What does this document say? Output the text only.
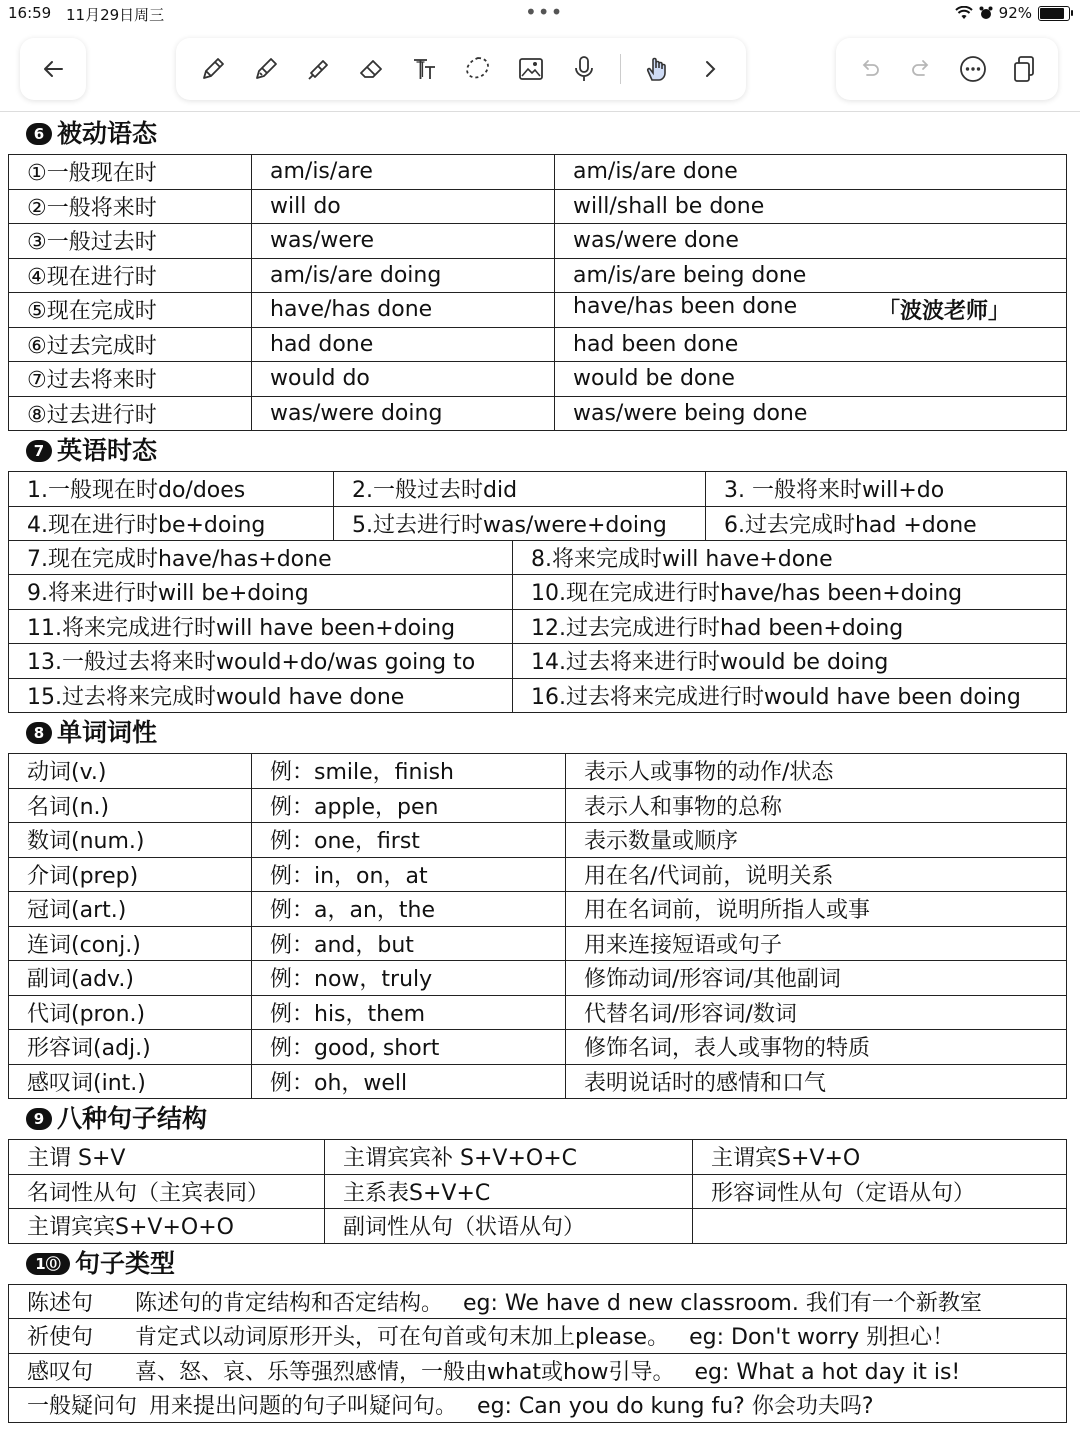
16:59 11月29日周三	•••	92%
6 被动语态
①一般现在时	am/is/are	am/is/are done
②一般将来时	will do	will/shall be done
③一般过去时	was/were	was/were done
④现在进行时	am/is/are doing	am/is/are being done
⑤现在完成时	have/has done	have/has been done 「波波老师」

⑥过去完成时	had done	had been done
⑦过去将来时	would do	would be done
⑧过去进行时	was/were doing	was/were being done
7 英语时态
1.一般现在时do/does	2.一般过去时did	3. 一般将来时will+do
4.现在进行时be+doing	5.过去进行时was/were+doing	6.过去完成时had +done
7.现在完成时have/has+done	8.将来完成时will have+done
9.将来进行时will be+doing	10.现在完成进行时have/has been+doing
11.将来完成进行时will have been+doing	12.过去完成进行时had been+doing
13.一般过去将来时would+do/was going to	14.过去将来进行时would be doing
15.过去将来完成时would have done	16.过去将来完成进行时would have been doing
8 单词词性
动词(v.)	例：smile，finish	表示人或事物的动作/状态
名词(n.)	例：apple，pen	表示人和事物的总称
数词(num.)	例：one，first	表示数量或顺序
介词(prep)	例：in，on，at	用在名/代词前，说明关系
冠词(art.)	例：a，an，the	用在名词前，说明所指人或事
连词(conj.)	例：and，but	用来连接短语或句子
副词(adv.)	例：now，truly	修饰动词/形容词/其他副词
代词(pron.)	例：his，them	代替名词/形容词/数词
形容词(adj.)	例：good, short	修饰名词，表人或事物的特质
感叹词(int.)	例：oh，well	表明说话时的感情和口气
9 八种句子结构
主谓 S+V	主谓宾宾补 S+V+O+C	主谓宾S+V+O
名词性从句（主宾表同）	主系表S+V+C	形容词性从句（定语从句）
主谓宾宾S+V+O+O	副词性从句（状语从句）	
1⓪ 句子类型
陈述句 陈述句的肯定结构和否定结构。 eg: We have d new classroom. 我们有一个新教室
祈使句 肯定式以动词原形开头，可在句首或句末加上please。 eg: Don't worry 别担心！
感叹句 喜、怒、哀、乐等强烈感情，一般由what或how引导。 eg: What a hot day it is!
一般疑问句 用来提出问题的句子叫疑问句。 eg: Can you do kung fu? 你会功夫吗?
